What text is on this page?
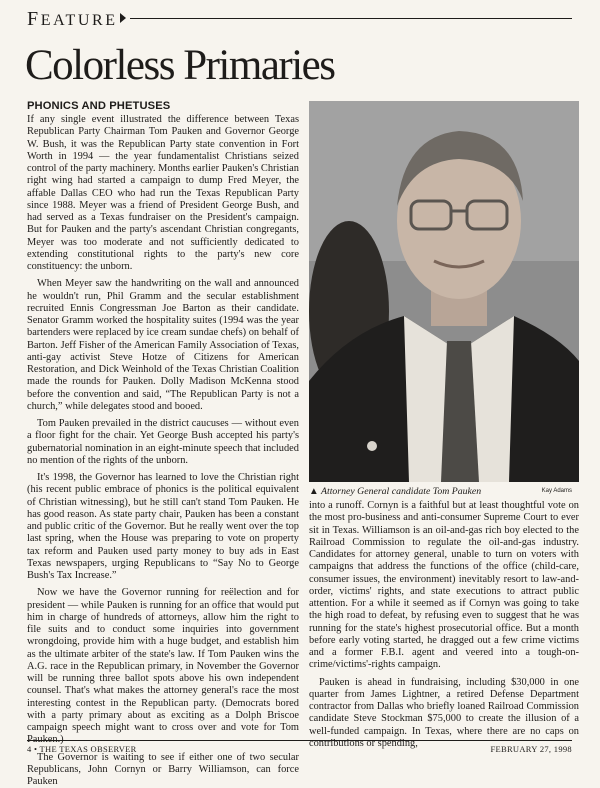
FEATURE
Colorless Primaries
PHONICS AND PHETUSES

If any single event illustrated the difference between Texas Republican Party Chairman Tom Pauken and Governor George W. Bush, it was the Republican Party state convention in Fort Worth in 1994 — the year fundamentalist Christians seized control of the party machinery. Months earlier Pauken's Christian right wing had started a campaign to dump Fred Meyer, the affable Dallas CEO who had run the Texas Republican Party since 1988. Meyer was a friend of President George Bush, and had served as a Texas fundraiser on the President's campaign. But for Pauken and the party's ascendant Christian congregants, Meyer was too moderate and not sufficiently dedicated to extending constitutional rights to the party's new core constituency: the unborn.

When Meyer saw the handwriting on the wall and announced he wouldn't run, Phil Gramm and the secular establishment recruited Ennis Congressman Joe Barton as their candidate. Senator Gramm worked the hospitality suites (1994 was the year bartenders were replaced by ice cream sundae chefs) on behalf of Barton. Jeff Fisher of the American Family Association of Texas, anti-gay activist Steve Hotze of Citizens for American Restoration, and Dick Weinhold of the Texas Christian Coalition made the rounds for Pauken. Dolly Madison McKenna stood before the convention and said, “The Republican Party is not a church,” while delegates stood and booed.

Tom Pauken prevailed in the district caucuses — without even a floor fight for the chair. Yet George Bush accepted his party's gubernatorial nomination in an eight-minute speech that included no mention of the rights of the unborn.

It's 1998, the Governor has learned to love the Christian right (his recent public embrace of phonics is the political equivalent of Christian witnessing), but he still can't stand Tom Pauken. He has good reason. As state party chair, Pauken has been a constant and public critic of the Governor. But he really went over the top last spring, when the House was preparing to vote on property tax reform and Pauken used party money to buy ads in East Texas newspapers, urging Republicans to “Say No to George Bush's Tax Increase.”

Now we have the Governor running for reëlection and for president — while Pauken is running for an office that would put him in charge of hundreds of attorneys, allow him the right to file suits and to conduct some inquiries into government wrongdoing, provide him with a huge budget, and establish him as the ultimate arbiter of the state's law. If Tom Pauken wins the A.G. race in the Republican primary, in November the Governor will be running three ballot spots above his own independent counsel. That's what makes the attorney general's race the most interesting contest in the Republican party. (Democrats bored with a party primary about as exciting as a Dolph Briscoe campaign speech might want to cross over and vote for Tom Pauken.)

The Governor is waiting to see if either one of two secular Republicans, John Cornyn or Barry Williamson, can force Pauken

▲ Attorney General candidate Tom Pauken	Kay Adams

into a runoff. Cornyn is a faithful but at least thoughtful vote on the most pro-business and anti-consumer Supreme Court to ever sit in Texas. Williamson is an oil-and-gas rich boy elected to the Railroad Commission to regulate the oil-and-gas industry. Candidates for attorney general, unable to turn on voters with campaigns that address the functions of the office (child-care, consumer issues, the environment) inevitably resort to law-and-order, victims' rights, and state executions to attract public attention. For a while it seemed as if Cornyn was going to take the high road to defeat, by refusing even to suggest that he was running for the state's highest prosecutorial office. But a month before early voting started, he dragged out a few crime victims and a former F.B.I. agent and veered into a tough-on-crime/victims'-rights campaign.

Pauken is ahead in fundraising, including $30,000 in one quarter from James Lightner, a retired Defense Department contractor from Dallas who briefly loaned Railroad Commission candidate Steve Stockman $75,000 to create the illusion of a well-funded campaign. In Texas, where there are no caps on contributions or spending,

4 • THE TEXAS OBSERVER	FEBRUARY 27, 1998
